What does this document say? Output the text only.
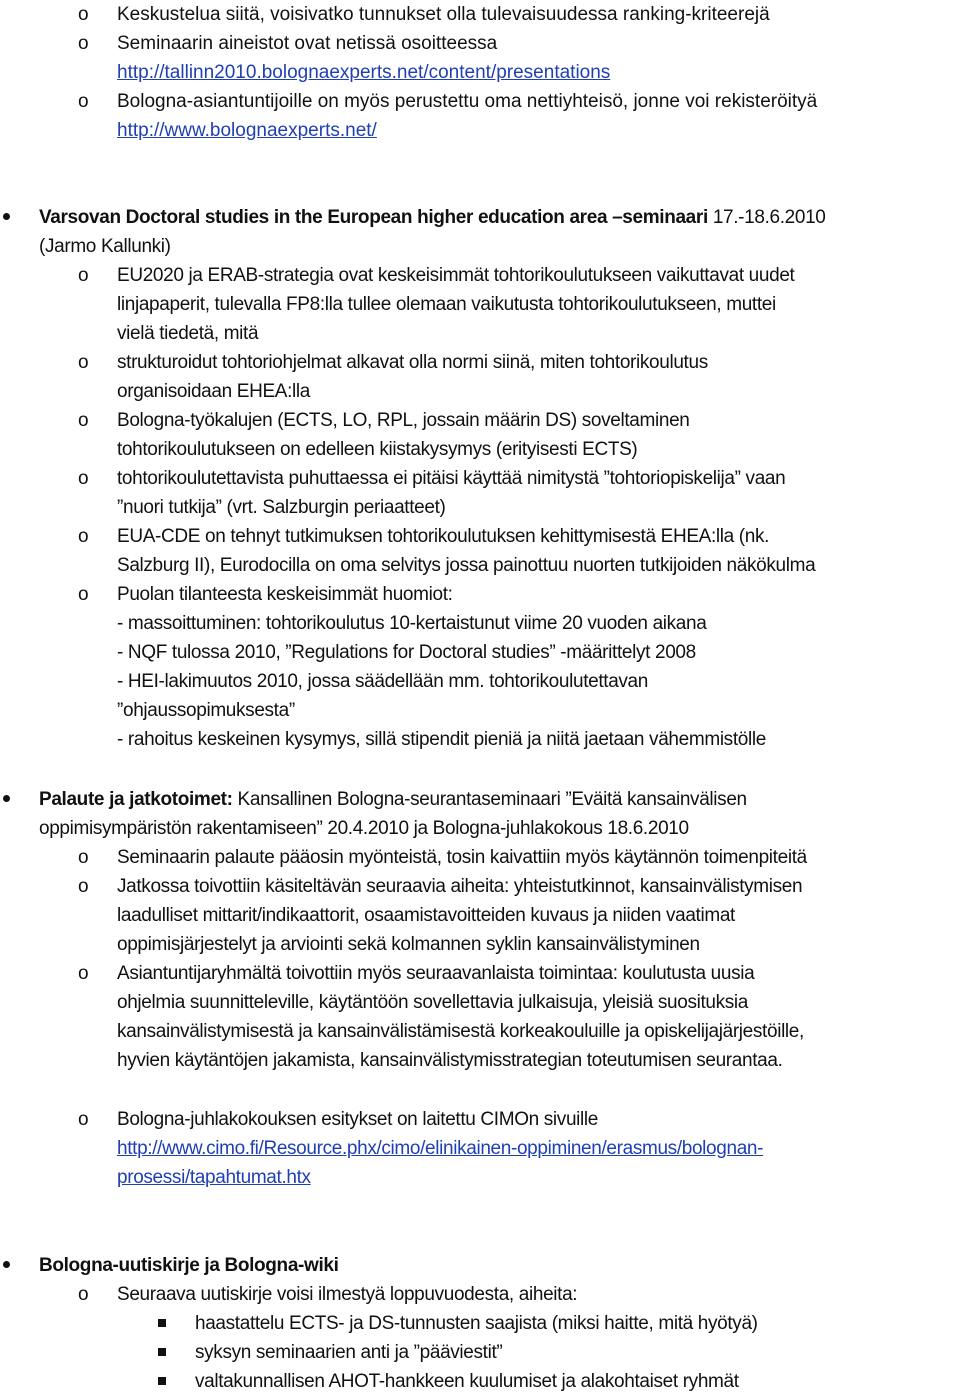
o Keskustelua siitä, voisivatko tunnukset olla tulevaisuudessa ranking-kriteerejä
o Seminaarin aineistot ovat netissä osoitteessa
http://tallinn2010.bolognaexperts.net/content/presentations
o Bologna-asiantuntijoille on myös perustettu oma nettiyhteisö, jonne voi rekisteröityä
http://www.bolognaexperts.net/
Varsovan Doctoral studies in the European higher education area –seminaari 17.-18.6.2010
(Jarmo Kallunki)
o EU2020 ja ERAB-strategia ovat keskeisimmät tohtorikoulutukseen vaikuttavat uudet
linjapaperit, tulevalla FP8:lla tullee olemaan vaikutusta tohtorikoulutukseen, muttei
vielä tiedetä, mitä
o strukturoidut tohtoriohjelmat alkavat olla normi siinä, miten tohtorikoulutus
organisoidaan EHEA:lla
o Bologna-työkalujen (ECTS, LO, RPL, jossain määrin DS) soveltaminen
tohtorikoulutukseen on edelleen kiistakysymys (erityisesti ECTS)
o tohtorikoulutettavista puhuttaessa ei pitäisi käyttää nimitystä ”tohtoriopiskelija” vaan
”nuori tutkija” (vrt. Salzburgin periaatteet)
o EUA-CDE on tehnyt tutkimuksen tohtorikoulutuksen kehittymisestä EHEA:lla (nk.
Salzburg II), Eurodocilla on oma selvitys jossa painottuu nuorten tutkijoiden näkökulma
o Puolan tilanteesta keskeisimmät huomiot:
- massoittuminen: tohtorikoulutus 10-kertaistunut viime 20 vuoden aikana
- NQF tulossa 2010, ”Regulations for Doctoral studies” -määrittelyt 2008
- HEI-lakimuutos 2010, jossa säädellään mm. tohtorikoulutettavan
”ohjaussopimuksesta”
- rahoitus keskeinen kysymys, sillä stipendit pieniä ja niitä jaetaan vähemmistölle
Palaute ja jatkotoimet: Kansallinen Bologna-seurantaseminaari ”Eväitä kansainvälisen
oppimisympäristön rakentamiseen” 20.4.2010 ja Bologna-juhlakokous 18.6.2010
o Seminaarin palaute pääosin myönteistä, tosin kaivattiin myös käytännön toimenpiteitä
o Jatkossa toivottiin käsiteltävän seuraavia aiheita: yhteistutkinnot, kansainvälistymisen
laadulliset mittarit/indikaattorit, osaamistavoitteiden kuvaus ja niiden vaatimat
oppimisjärjestelyt ja arviointi sekä kolmannen syklin kansainvälistyminen
o Asiantuntijaryhmältä toivottiin myös seuraavanlaista toimintaa: koulutusta uusia
ohjelmia suunnitteleville, käytäntöön sovellettavia julkaisuja, yleisiä suosituksia
kansainvälistymisestä ja kansainvälistämisestä korkeakouluille ja opiskelijajärjestöille,
hyvien käytäntöjen jakamista, kansainvälistymisstrategian toteutumisen seurantaa.
o Bologna-juhlakokouksen esitykset on laitettu CIMOn sivuille
http://www.cimo.fi/Resource.phx/cimo/elinikainen-oppiminen/erasmus/bolognan-
prosessi/tapahtumat.htx
Bologna-uutiskirje ja Bologna-wiki
o Seuraava uutiskirje voisi ilmestyä loppuvuodesta, aiheita:
haastattelu ECTS- ja DS-tunnusten saajista (miksi haitte, mitä hyötyä)
syksyn seminaarien anti ja ”pääviestit”
valtakunnallisen AHOT-hankkeen kuulumiset ja alakohtaiset ryhmät
